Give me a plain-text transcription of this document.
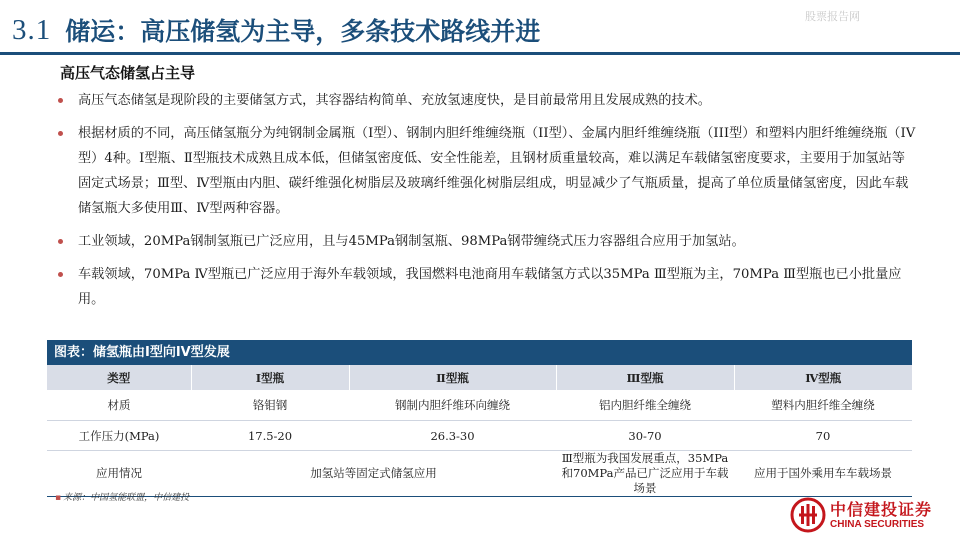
股票报告网
3.1 储运：高压储氢为主导，多条技术路线并进
高压气态储氢占主导
高压气态储氢是现阶段的主要储氢方式，其容器结构简单、充放氢速度快，是目前最常用且发展成熟的技术。
根据材质的不同，高压储氢瓶分为纯钢制金属瓶（I型）、钢制内胆纤维缠绕瓶（II型）、金属内胆纤维缠绕瓶（III型）和塑料内胆纤维缠绕瓶（IV型）4种。I型瓶、Ⅱ型瓶技术成熟且成本低，但储氢密度低、安全性能差，且钢材质重量较高，难以满足车载储氢密度要求，主要用于加氢站等固定式场景；Ⅲ型、Ⅳ型瓶由内胆、碳纤维强化树脂层及玻璃纤维强化树脂层组成，明显减少了气瓶质量，提高了单位质量储氢密度，因此车载储氢瓶大多使用Ⅲ、Ⅳ型两种容器。
工业领域，20MPa钢制氢瓶已广泛应用，且与45MPa钢制氢瓶、98MPa钢带缠绕式压力容器组合应用于加氢站。
车载领域，70MPa Ⅳ型瓶已广泛应用于海外车载领域，我国燃料电池商用车载储氢方式以35MPa Ⅲ型瓶为主，70MPa Ⅲ型瓶也已小批量应用。
图表：储氢瓶由I型向IV型发展
类型	I型瓶	Ⅱ型瓶	Ⅲ型瓶	Ⅳ型瓶
材质	铬钼钢	钢制内胆纤维环向缠绕	铝内胆纤维全缠绕	塑料内胆纤维全缠绕
工作压力(MPa)	17.5-20	26.3-30	30-70	70
应用情况	加氢站等固定式储氢应用		Ⅲ型瓶为我国发展重点，35MPa和70MPa产品已广泛应用于车载场景	应用于国外乘用车车载场景
▪ 来源：中国氢能联盟，中信建投
中信建投证券
CHINA SECURITIES
